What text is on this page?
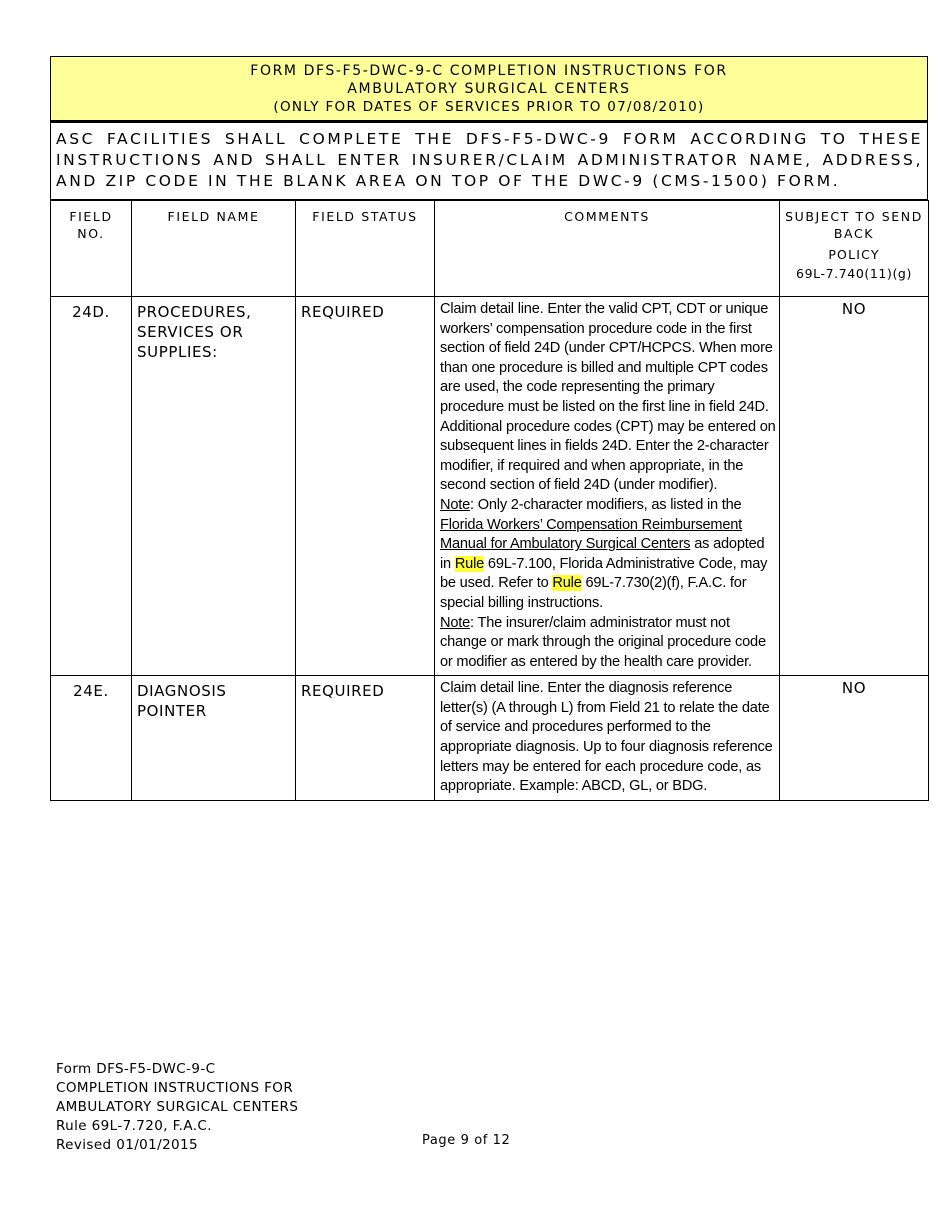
FORM DFS-F5-DWC-9-C COMPLETION INSTRUCTIONS FOR
AMBULATORY SURGICAL CENTERS
(ONLY FOR DATES OF SERVICES PRIOR TO 07/08/2010)
ASC FACILITIES SHALL COMPLETE THE DFS-F5-DWC-9 FORM ACCORDING TO THESE INSTRUCTIONS AND SHALL ENTER INSURER/CLAIM ADMINISTRATOR NAME, ADDRESS, AND ZIP CODE IN THE BLANK AREA ON TOP OF THE DWC-9 (CMS-1500) FORM.
FIELD NO.	FIELD NAME	FIELD STATUS	COMMENTS	SUBJECT TO SEND BACK
POLICY
69L-7.740(11)(g)

24D.	PROCEDURES, SERVICES OR SUPPLIES:	REQUIRED	Claim detail line. Enter the valid CPT, CDT or unique workers’ compensation procedure code in the first section of field 24D (under CPT/HCPCS. When more than one procedure is billed and multiple CPT codes are used, the code representing the primary procedure must be listed on the first line in field 24D. Additional procedure codes (CPT) may be entered on subsequent lines in fields 24D. Enter the 2-character modifier, if required and when appropriate, in the second section of field 24D (under modifier).
Note: Only 2-character modifiers, as listed in the Florida Workers’ Compensation Reimbursement Manual for Ambulatory Surgical Centers as adopted in Rule 69L-7.100, Florida Administrative Code, may be used. Refer to Rule 69L-7.730(2)(f), F.A.C. for special billing instructions.
Note: The insurer/claim administrator must not change or mark through the original procedure code or modifier as entered by the health care provider.	NO
24E.	DIAGNOSIS POINTER	REQUIRED	Claim detail line. Enter the diagnosis reference letter(s) (A through L) from Field 21 to relate the date of service and procedures performed to the appropriate diagnosis. Up to four diagnosis reference letters may be entered for each procedure code, as appropriate. Example: ABCD, GL, or BDG.	NO
Form DFS-F5-DWC-9-C
COMPLETION INSTRUCTIONS FOR
AMBULATORY SURGICAL CENTERS
Rule 69L-7.720, F.A.C.
Revised 01/01/2015	Page 9 of 12
